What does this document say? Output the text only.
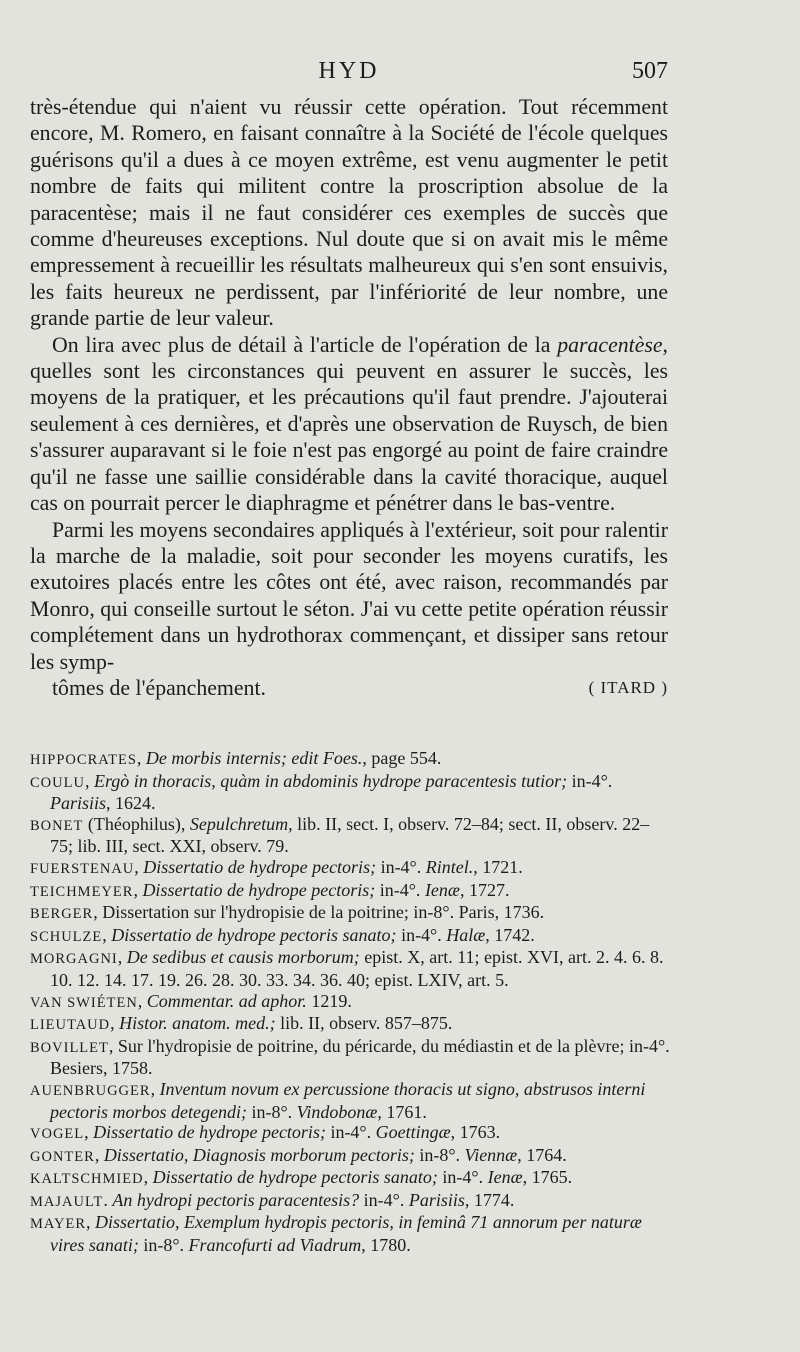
HYD	507

très-étendue qui n'aient vu réussir cette opération. Tout récemment encore, M. Romero, en faisant connaître à la Société de l'école quelques guérisons qu'il a dues à ce moyen extrême, est venu augmenter le petit nombre de faits qui militent contre la proscription absolue de la paracentèse; mais il ne faut considérer ces exemples de succès que comme d'heureuses exceptions. Nul doute que si on avait mis le même empressement à recueillir les résultats malheureux qui s'en sont ensuivis, les faits heureux ne perdissent, par l'infériorité de leur nombre, une grande partie de leur valeur.

On lira avec plus de détail à l'article de l'opération de la paracentèse, quelles sont les circonstances qui peuvent en assurer le succès, les moyens de la pratiquer, et les précautions qu'il faut prendre. J'ajouterai seulement à ces dernières, et d'après une observation de Ruysch, de bien s'assurer auparavant si le foie n'est pas engorgé au point de faire craindre qu'il ne fasse une saillie considérable dans la cavité thoracique, auquel cas on pourrait percer le diaphragme et pénétrer dans le bas-ventre.

Parmi les moyens secondaires appliqués à l'extérieur, soit pour ralentir la marche de la maladie, soit pour seconder les moyens curatifs, les exutoires placés entre les côtes ont été, avec raison, recommandés par Monro, qui conseille surtout le séton. J'ai vu cette petite opération réussir complétement dans un hydrothorax commençant, et dissiper sans retour les symp-
tômes de l'épanchement.	( ITARD )

HIPPOCRATES, De morbis internis; edit Foes., page 554.

COULU, Ergò in thoracis, quàm in abdominis hydrope paracentesis tutior; in-4°. Parisiis, 1624.

BONET (Théophilus), Sepulchretum, lib. II, sect. I, observ. 72–84; sect. II, observ. 22–75; lib. III, sect. XXI, observ. 79.

FUERSTENAU, Dissertatio de hydrope pectoris; in-4°. Rintel., 1721.

TEICHMEYER, Dissertatio de hydrope pectoris; in-4°. Ienæ, 1727.

BERGER, Dissertation sur l'hydropisie de la poitrine; in-8°. Paris, 1736.

SCHULZE, Dissertatio de hydrope pectoris sanato; in-4°. Halæ, 1742.

MORGAGNI, De sedibus et causis morborum; epist. X, art. 11; epist. XVI, art. 2. 4. 6. 8. 10. 12. 14. 17. 19. 26. 28. 30. 33. 34. 36. 40; epist. LXIV, art. 5.

VAN SWIÉTEN, Commentar. ad aphor. 1219.

LIEUTAUD, Histor. anatom. med.; lib. II, observ. 857–875.

BOVILLET, Sur l'hydropisie de poitrine, du péricarde, du médiastin et de la plèvre; in-4°. Besiers, 1758.

AUENBRUGGER, Inventum novum ex percussione thoracis ut signo, abstrusos interni pectoris morbos detegendi; in-8°. Vindobonæ, 1761.

VOGEL, Dissertatio de hydrope pectoris; in-4°. Goettingæ, 1763.

GONTER, Dissertatio, Diagnosis morborum pectoris; in-8°. Viennæ, 1764.

KALTSCHMIED, Dissertatio de hydrope pectoris sanato; in-4°. Ienæ, 1765.

MAJAULT. An hydropi pectoris paracentesis? in-4°. Parisiis, 1774.

MAYER, Dissertatio, Exemplum hydropis pectoris, in feminâ 71 annorum per naturæ vires sanati; in-8°. Francofurti ad Viadrum, 1780.
